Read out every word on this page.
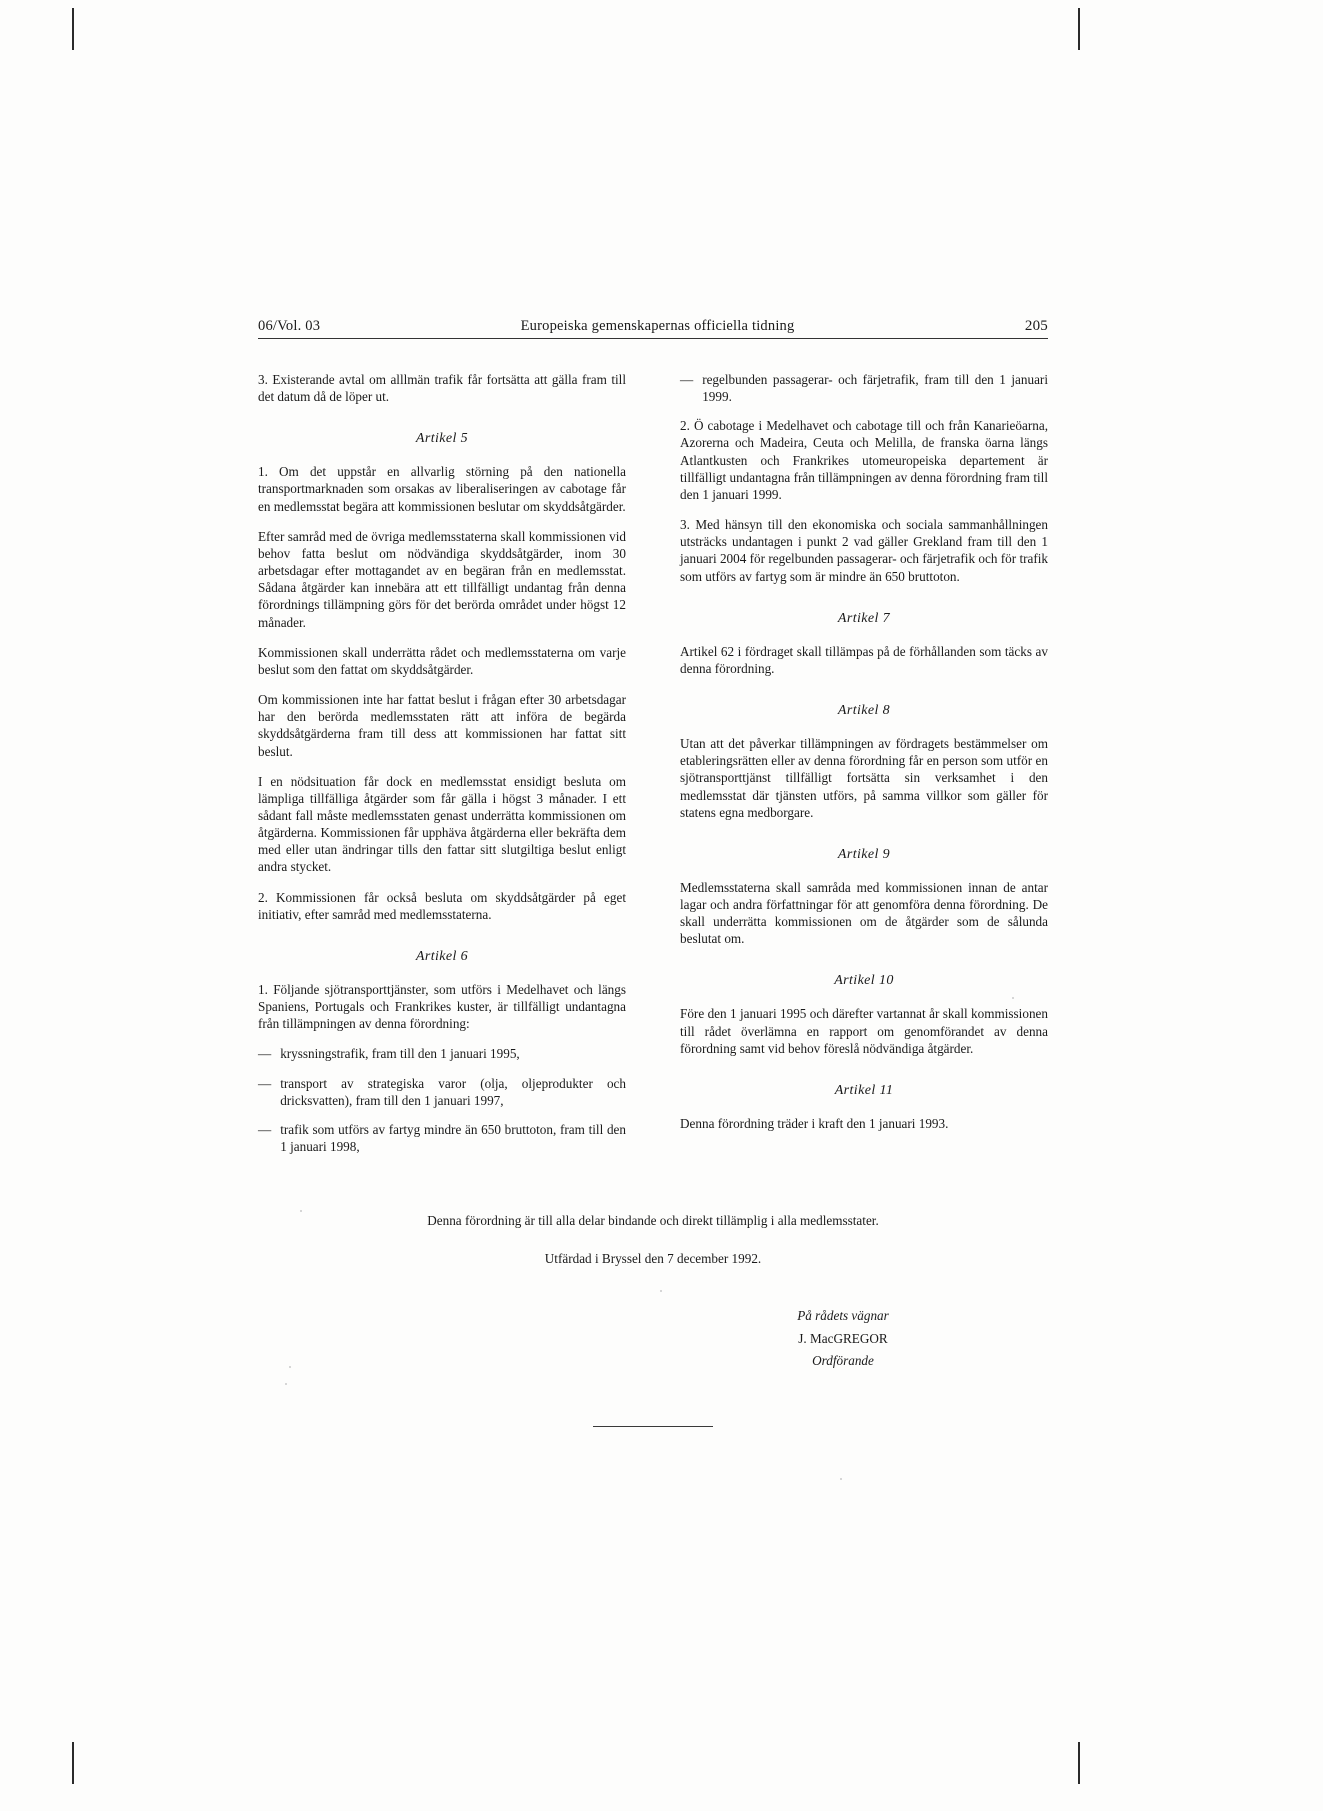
06/Vol. 03	Europeiska gemenskapernas officiella tidning	205

3. Existerande avtal om alllmän trafik får fortsätta att gälla fram till det datum då de löper ut.

Artikel 5

1. Om det uppstår en allvarlig störning på den nationella transportmarknaden som orsakas av liberaliseringen av cabotage får en medlemsstat begära att kommissionen beslutar om skyddsåtgärder.

Efter samråd med de övriga medlemsstaterna skall kommissionen vid behov fatta beslut om nödvändiga skyddsåtgärder, inom 30 arbetsdagar efter mottagandet av en begäran från en medlemsstat. Sådana åtgärder kan innebära att ett tillfälligt undantag från denna förordnings tillämpning görs för det berörda området under högst 12 månader.

Kommissionen skall underrätta rådet och medlemsstaterna om varje beslut som den fattat om skyddsåtgärder.

Om kommissionen inte har fattat beslut i frågan efter 30 arbetsdagar har den berörda medlemsstaten rätt att införa de begärda skyddsåtgärderna fram till dess att kommissionen har fattat sitt beslut.

I en nödsituation får dock en medlemsstat ensidigt besluta om lämpliga tillfälliga åtgärder som får gälla i högst 3 månader. I ett sådant fall måste medlemsstaten genast underrätta kommissionen om åtgärderna. Kommissionen får upphäva åtgärderna eller bekräfta dem med eller utan ändringar tills den fattar sitt slutgiltiga beslut enligt andra stycket.

2. Kommissionen får också besluta om skyddsåtgärder på eget initiativ, efter samråd med medlemsstaterna.

Artikel 6

1. Följande sjötransporttjänster, som utförs i Medelhavet och längs Spaniens, Portugals och Frankrikes kuster, är tillfälligt undantagna från tillämpningen av denna förordning:

— kryssningstrafik, fram till den 1 januari 1995,
— transport av strategiska varor (olja, oljeprodukter och dricksvatten), fram till den 1 januari 1997,
— trafik som utförs av fartyg mindre än 650 bruttoton, fram till den 1 januari 1998,
— regelbunden passagerar- och färjetrafik, fram till den 1 januari 1999.

2. Ö cabotage i Medelhavet och cabotage till och från Kanarieöarna, Azorerna och Madeira, Ceuta och Melilla, de franska öarna längs Atlantkusten och Frankrikes utomeuropeiska departement är tillfälligt undantagna från tillämpningen av denna förordning fram till den 1 januari 1999.

3. Med hänsyn till den ekonomiska och sociala sammanhållningen utsträcks undantagen i punkt 2 vad gäller Grekland fram till den 1 januari 2004 för regelbunden passagerar- och färjetrafik och för trafik som utförs av fartyg som är mindre än 650 bruttoton.

Artikel 7

Artikel 62 i fördraget skall tillämpas på de förhållanden som täcks av denna förordning.

Artikel 8

Utan att det påverkar tillämpningen av fördragets bestämmelser om etableringsrätten eller av denna förordning får en person som utför en sjötransporttjänst tillfälligt fortsätta sin verksamhet i den medlemsstat där tjänsten utförs, på samma villkor som gäller för statens egna medborgare.

Artikel 9

Medlemsstaterna skall samråda med kommissionen innan de antar lagar och andra författningar för att genomföra denna förordning. De skall underrätta kommissionen om de åtgärder som de sålunda beslutat om.

Artikel 10

Före den 1 januari 1995 och därefter vartannat år skall kommissionen till rådet överlämna en rapport om genomförandet av denna förordning samt vid behov föreslå nödvändiga åtgärder.

Artikel 11

Denna förordning träder i kraft den 1 januari 1993.

Denna förordning är till alla delar bindande och direkt tillämplig i alla medlemsstater.
Utfärdad i Bryssel den 7 december 1992.
På rådets vägnar
J. MacGREGOR
Ordförande
